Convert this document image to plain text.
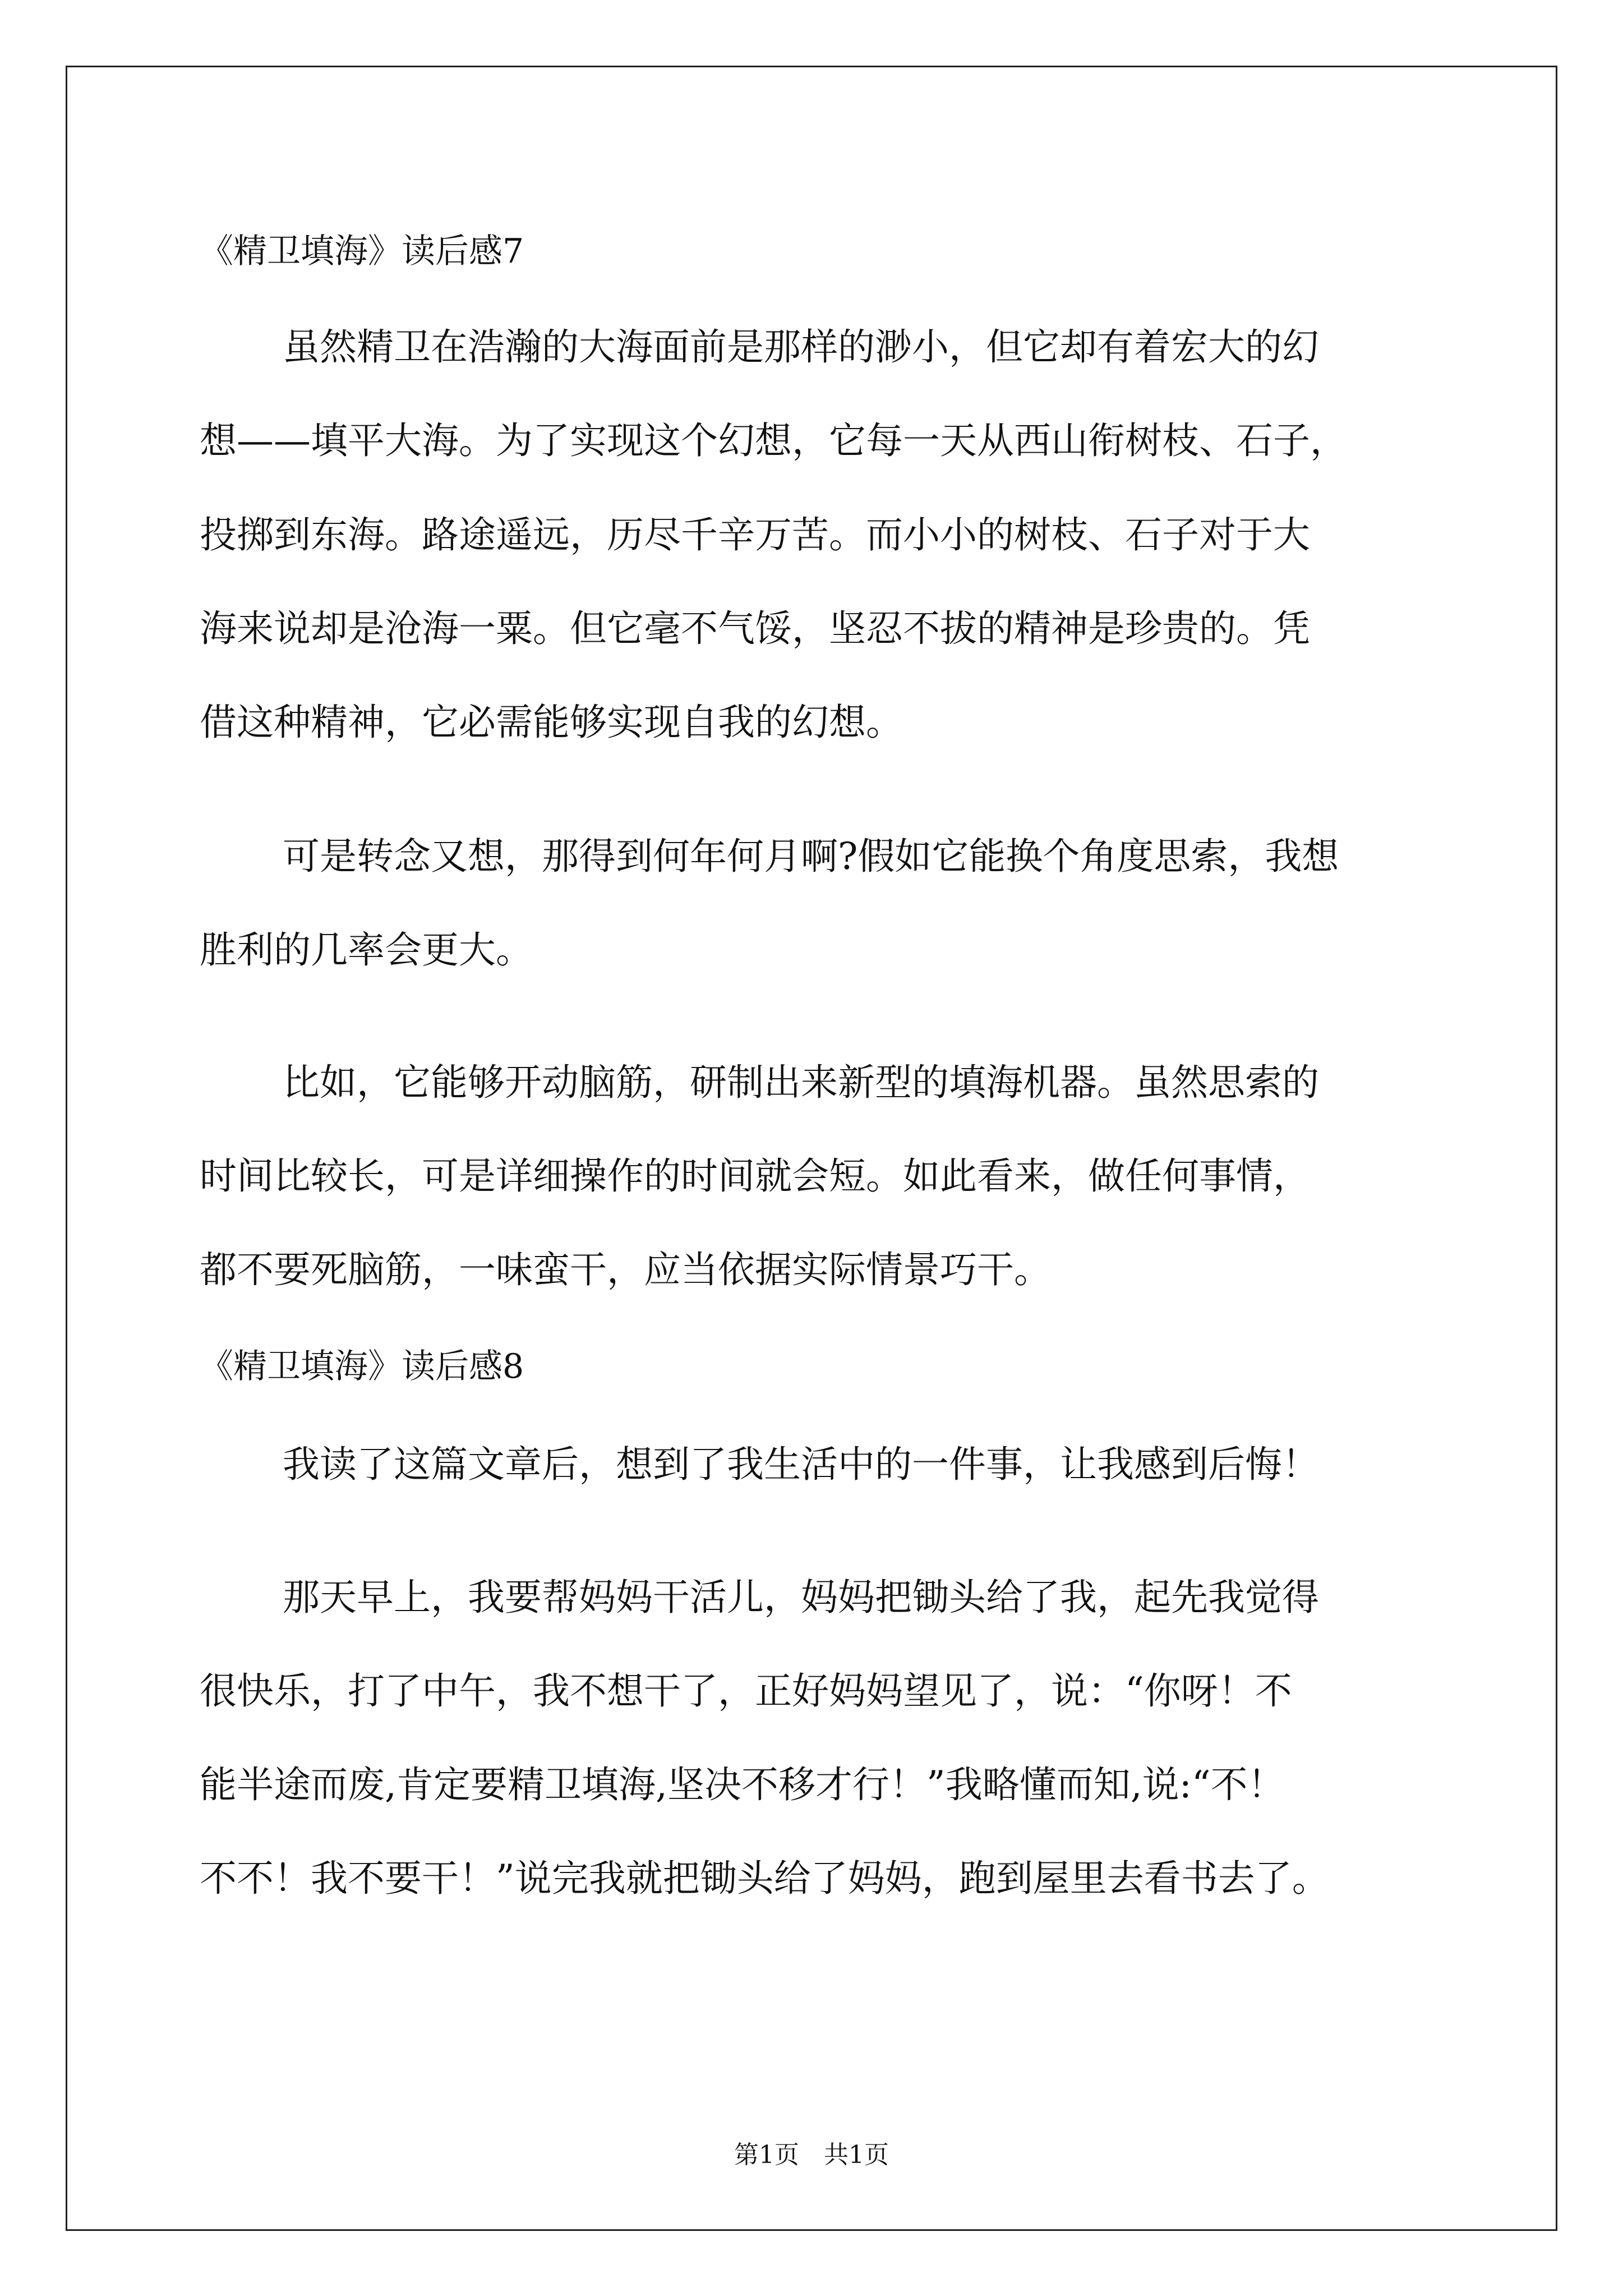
《精卫填海》读后感7
虽然精卫在浩瀚的大海面前是那样的渺小，但它却有着宏大的幻
想——填平大海。为了实现这个幻想，它每一天从西山衔树枝、石子，
投掷到东海。路途遥远，历尽千辛万苦。而小小的树枝、石子对于大
海来说却是沧海一粟。但它毫不气馁，坚忍不拔的精神是珍贵的。凭
借这种精神，它必需能够实现自我的幻想。
可是转念又想，那得到何年何月啊?假如它能换个角度思索，我想
胜利的几率会更大。
比如，它能够开动脑筋，研制出来新型的填海机器。虽然思索的
时间比较长，可是详细操作的时间就会短。如此看来，做任何事情，
都不要死脑筋，一味蛮干，应当依据实际情景巧干。
《精卫填海》读后感8
我读了这篇文章后，想到了我生活中的一件事，让我感到后悔！
那天早上，我要帮妈妈干活儿，妈妈把锄头给了我，起先我觉得
很快乐，打了中午，我不想干了，正好妈妈望见了，说：“你呀！不
能半途而废,肯定要精卫填海,坚决不移才行！”我略懂而知,说:“不！
不不！我不要干！”说完我就把锄头给了妈妈，跑到屋里去看书去了。
第1页　共1页
